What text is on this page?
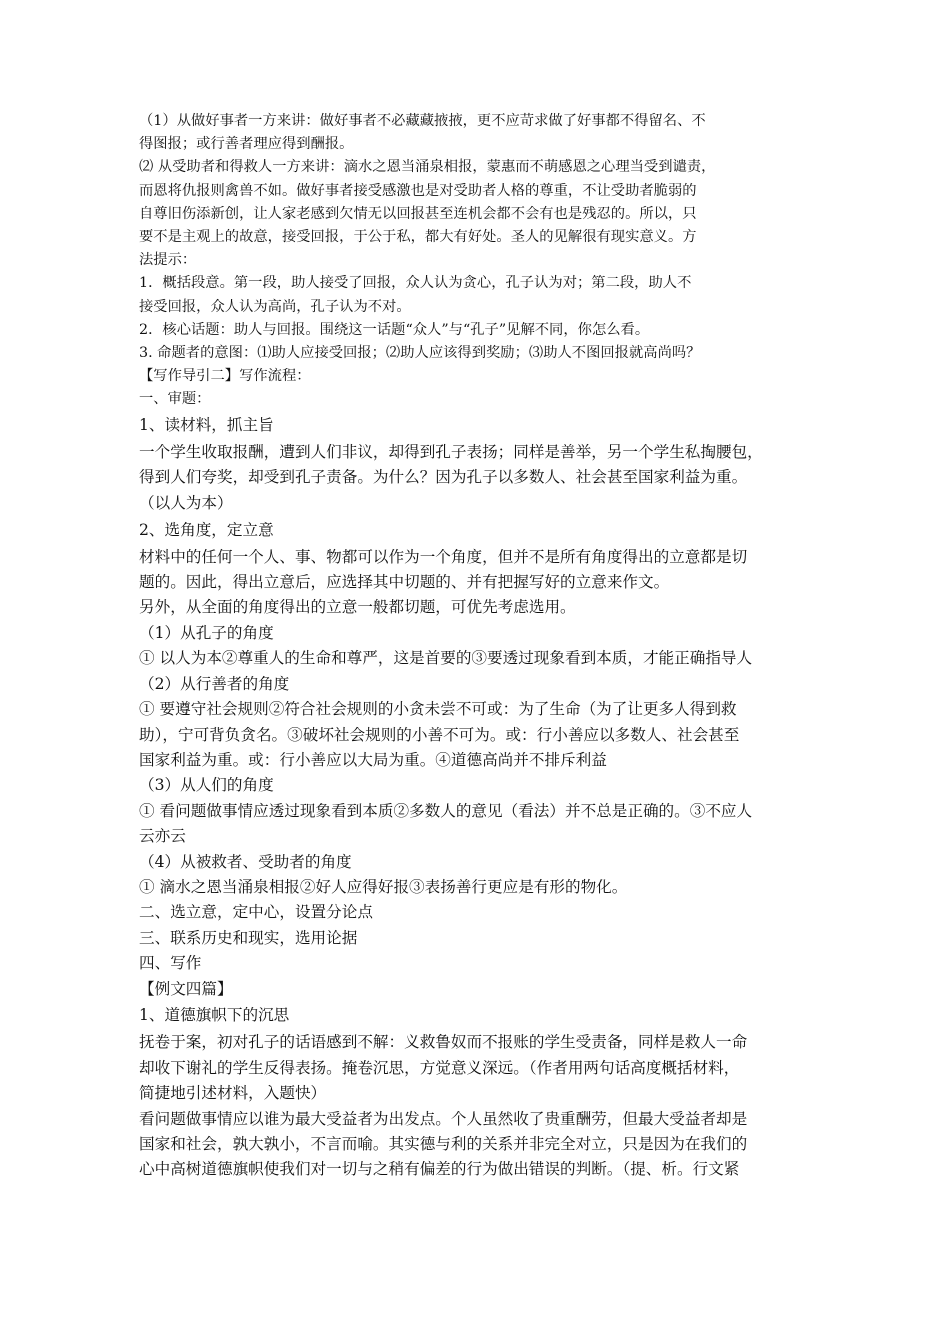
（1）从做好事者一方来讲：做好事者不必藏藏掖掖，更不应苛求做了好事都不得留名、不

得图报；或行善者理应得到酬报。

⑵ 从受助者和得救人一方来讲：滴水之恩当涌泉相报，蒙惠而不萌感恩之心理当受到谴责，

而恩将仇报则禽兽不如。做好事者接受感激也是对受助者人格的尊重，不让受助者脆弱的

自尊旧伤添新创，让人家老感到欠情无以回报甚至连机会都不会有也是残忍的。所以，只

要不是主观上的故意，接受回报，于公于私，都大有好处。圣人的见解很有现实意义。方

法提示：

1．概括段意。第一段，助人接受了回报，众人认为贪心，孔子认为对；第二段，助人不

接受回报，众人认为高尚，孔子认为不对。

2．核心话题：助人与回报。围绕这一话题“众人”与“孔子”见解不同，你怎么看。

3. 命题者的意图：⑴助人应接受回报；⑵助人应该得到奖励；⑶助人不图回报就高尚吗？

【写作导引二】写作流程：

一、审题：

1、读材料，抓主旨

一个学生收取报酬，遭到人们非议，却得到孔子表扬；同样是善举，另一个学生私掏腰包，

得到人们夸奖，却受到孔子责备。为什么？因为孔子以多数人、社会甚至国家利益为重。

（以人为本）

2、选角度，定立意

材料中的任何一个人、事、物都可以作为一个角度，但并不是所有角度得出的立意都是切

题的。因此，得出立意后，应选择其中切题的、并有把握写好的立意来作文。

另外，从全面的角度得出的立意一般都切题，可优先考虑选用。

（1）从孔子的角度

① 以人为本②尊重人的生命和尊严，这是首要的③要透过现象看到本质，才能正确指导人

（2）从行善者的角度

① 要遵守社会规则②符合社会规则的小贪未尝不可或：为了生命（为了让更多人得到救

助），宁可背负贪名。③破坏社会规则的小善不可为。或：行小善应以多数人、社会甚至

国家利益为重。或：行小善应以大局为重。④道德高尚并不排斥利益

（3）从人们的角度

① 看问题做事情应透过现象看到本质②多数人的意见（看法）并不总是正确的。③不应人

云亦云

（4）从被救者、受助者的角度

① 滴水之恩当涌泉相报②好人应得好报③表扬善行更应是有形的物化。

二、选立意，定中心，设置分论点

三、联系历史和现实，选用论据

四、写作

【例文四篇】

1、道德旗帜下的沉思

抚卷于案，初对孔子的话语感到不解：义救鲁奴而不报账的学生受责备，同样是救人一命

却收下谢礼的学生反得表扬。掩卷沉思，方觉意义深远。（作者用两句话高度概括材料，

简捷地引述材料，入题快）

看问题做事情应以谁为最大受益者为出发点。个人虽然收了贵重酬劳，但最大受益者却是

国家和社会，孰大孰小，不言而喻。其实德与利的关系并非完全对立，只是因为在我们的

心中高树道德旗帜使我们对一切与之稍有偏差的行为做出错误的判断。（提、析。行文紧
